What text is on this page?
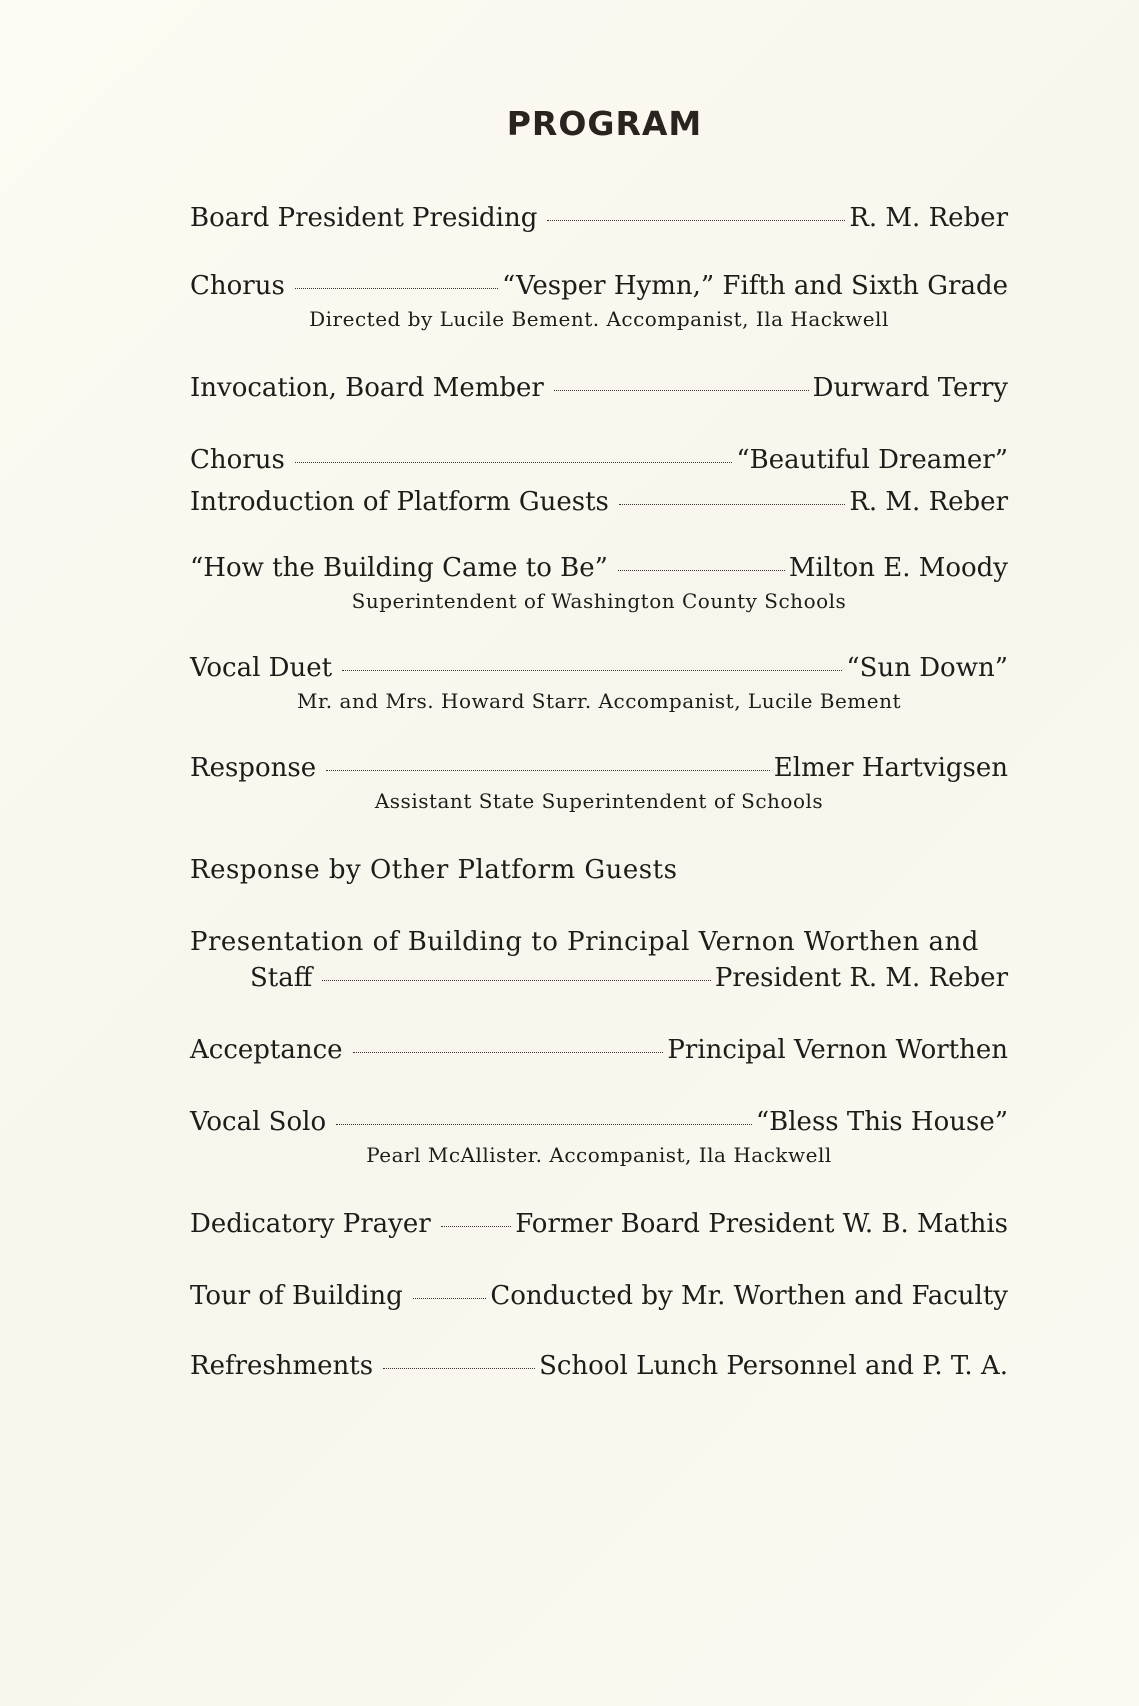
PROGRAM
Board President Presiding	R. M. Reber
Chorus	“Vesper Hymn,” Fifth and Sixth Grade
Directed by Lucile Bement. Accompanist, Ila Hackwell
Invocation, Board Member	Durward Terry
Chorus	“Beautiful Dreamer”
Introduction of Platform Guests	R. M. Reber
“How the Building Came to Be”	Milton E. Moody
Superintendent of Washington County Schools
Vocal Duet	“Sun Down”
Mr. and Mrs. Howard Starr. Accompanist, Lucile Bement
Response	Elmer Hartvigsen
Assistant State Superintendent of Schools
Response by Other Platform Guests
Presentation of Building to Principal Vernon Worthen and
Staff	President R. M. Reber
Acceptance	Principal Vernon Worthen
Vocal Solo	“Bless This House”
Pearl McAllister. Accompanist, Ila Hackwell
Dedicatory Prayer	Former Board President W. B. Mathis
Tour of Building	Conducted by Mr. Worthen and Faculty
Refreshments	School Lunch Personnel and P. T. A.
